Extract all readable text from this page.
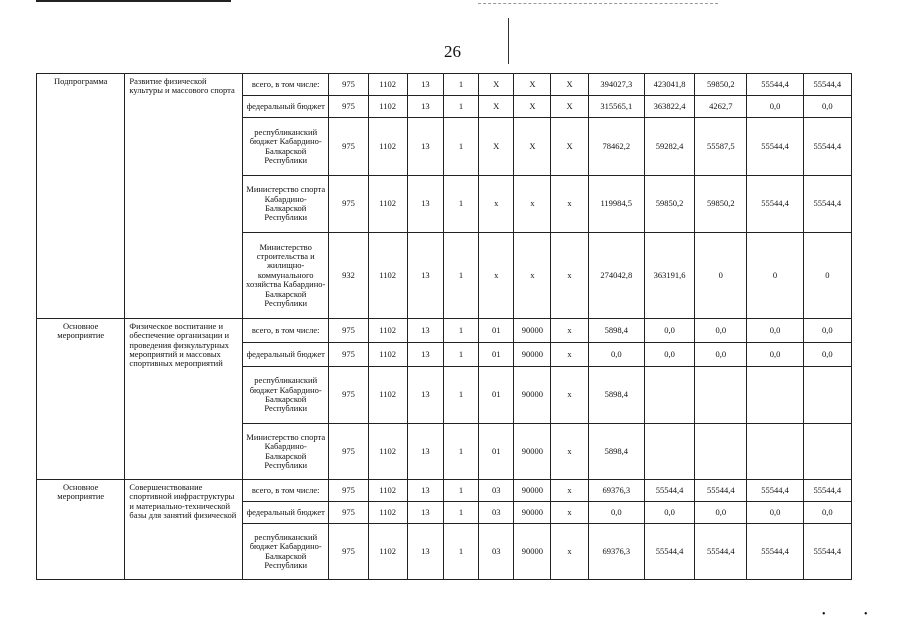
26
Подпрограмма	Развитие физической культуры и массового спорта	всего, в том числе:	975	1102	13	1	Х	Х	Х	394027,3	423041,8	59850,2	55544,4	55544,4
		федеральный бюджет	975	1102	13	1	Х	Х	Х	315565,1	363822,4	4262,7	0,0	0,0
		республиканский бюджет Кабардино-Балкарской Республики	975	1102	13	1	Х	Х	Х	78462,2	59282,4	55587,5	55544,4	55544,4
		Министерство спорта Кабардино-Балкарской Республики	975	1102	13	1	х	х	х	119984,5	59850,2	59850,2	55544,4	55544,4
		Министерство строительства и жилищно-коммунального хозяйства Кабардино-Балкарской Республики	932	1102	13	1	х	х	х	274042,8	363191,6	0	0	0
Основное мероприятие	Физическое воспитание и обеспечение организации и проведения физкультурных мероприятий и массовых спортивных мероприятий	всего, в том числе:	975	1102	13	1	01	90000	х	5898,4	0,0	0,0	0,0	0,0
		федеральный бюджет	975	1102	13	1	01	90000	х	0,0	0,0	0,0	0,0	0,0
		республиканский бюджет Кабардино-Балкарской Республики	975	1102	13	1	01	90000	х	5898,4				
		Министерство спорта Кабардино-Балкарской Республики	975	1102	13	1	01	90000	х	5898,4				
Основное мероприятие	Совершенствование спортивной инфраструктуры и материально-технической базы для занятий физической	всего, в том числе:	975	1102	13	1	03	90000	х	69376,3	55544,4	55544,4	55544,4	55544,4
		федеральный бюджет	975	1102	13	1	03	90000	х	0,0	0,0	0,0	0,0	0,0
		республиканский бюджет Кабардино-Балкарской Республики	975	1102	13	1	03	90000	х	69376,3	55544,4	55544,4	55544,4	55544,4
• •
